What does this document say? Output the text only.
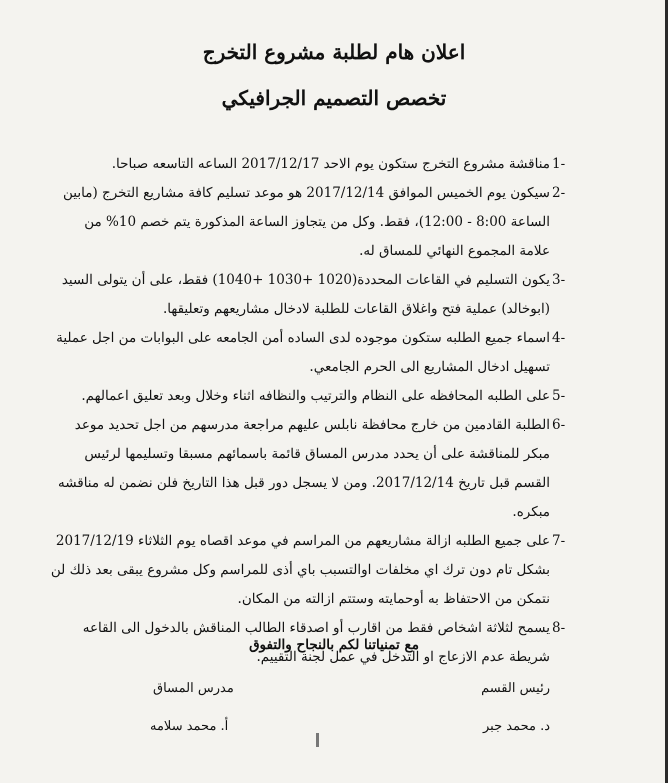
اعلان هام لطلبة مشروع التخرج
تخصص التصميم الجرافيكي
-1
مناقشة مشروع التخرج ستكون يوم الاحد 2017/12/17 الساعه التاسعه صباحا.
-2
سيكون يوم الخميس الموافق 2017/12/14 هو موعد تسليم كافة مشاريع التخرج (مابين الساعة 8:00 - 12:00)، فقط. وكل من يتجاوز الساعة المذكورة يتم خصم 10% من علامة المجموع النهائي للمساق له.
-3
يكون التسليم في القاعات المحددة(1020 +1030 +1040) فقط، على أن يتولى السيد (ابوخالد) عملية فتح واغلاق القاعات للطلبة لادخال مشاريعهم وتعليقها.
-4
اسماء جميع الطلبه ستكون موجوده لدى الساده أمن الجامعه على البوابات من اجل عملية تسهيل ادخال المشاريع الى الحرم الجامعي.
-5
على الطلبه المحافظه على النظام والترتيب والنظافه اثناء وخلال وبعد تعليق اعمالهم.
-6
الطلبة القادمين من خارج محافظة نابلس عليهم مراجعة مدرسهم من اجل تحديد موعد مبكر للمناقشة على أن يحدد مدرس المساق قائمة باسمائهم مسبقا وتسليمها لرئيس القسم قبل تاريخ 2017/12/14. ومن لا يسجل دور قبل هذا التاريخ فلن نضمن له مناقشه مبكره.
-7
على جميع الطلبه ازالة مشاريعهم من المراسم في موعد اقصاه يوم الثلاثاء 2017/12/19 بشكل تام دون ترك اي مخلفات اوالتسبب باي أذى للمراسم وكل مشروع يبقى بعد ذلك لن نتمكن من الاحتفاظ به أوحمايته وستتم ازالته من المكان.
-8
يسمح لثلاثة اشخاص فقط من اقارب أو اصدقاء الطالب المناقش بالدخول الى القاعه شريطة عدم الازعاج او التدخل في عمل لجنة التقييم.
مع تمنياتنا لكم بالنجاح والتفوق
رئيس القسم
مدرس المساق
د. محمد جبر
أ. محمد سلامه
